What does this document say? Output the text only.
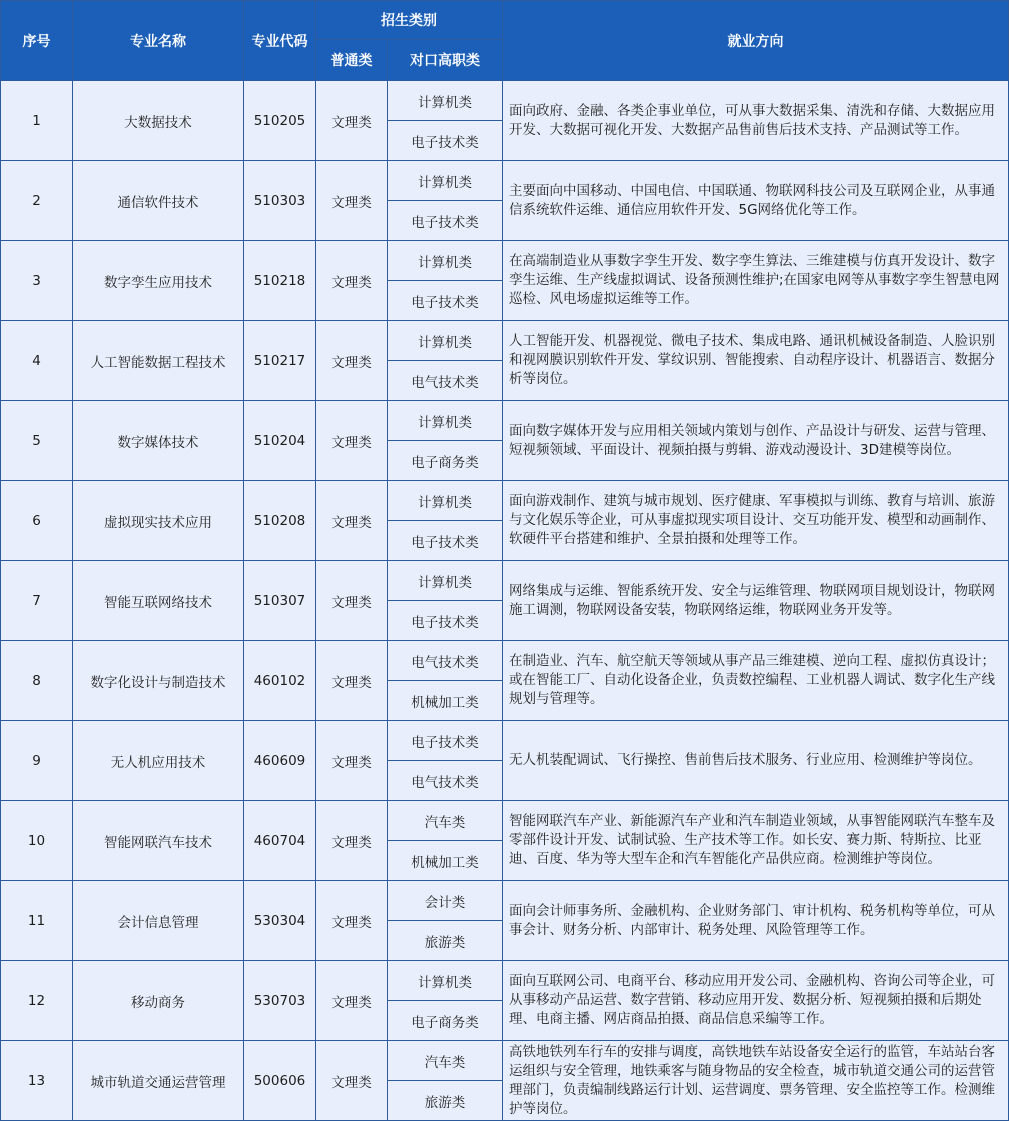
序号	专业名称	专业代码	招生类别		就业方向
			普通类	对口高职类	
1	大数据技术	510205	文理类	计算机类	面向政府、金融、各类企事业单位，可从事大数据采集、清洗和存储、大数据应用开发、大数据可视化开发、大数据产品售前售后技术支持、产品测试等工作。
				电子技术类	
2	通信软件技术	510303	文理类	计算机类	主要面向中国移动、中国电信、中国联通、物联网科技公司及互联网企业，从事通信系统软件运维、通信应用软件开发、5G网络优化等工作。
				电子技术类	
3	数字孪生应用技术	510218	文理类	计算机类	在高端制造业从事数字孪生开发、数字孪生算法、三维建模与仿真开发设计、数字孪生运维、生产线虚拟调试、设备预测性维护;在国家电网等从事数字孪生智慧电网巡检、风电场虚拟运维等工作。
				电子技术类	
4	人工智能数据工程技术	510217	文理类	计算机类	人工智能开发、机器视觉、微电子技术、集成电路、通讯机械设备制造、人脸识别和视网膜识别软件开发、掌纹识别、智能搜索、自动程序设计、机器语言、数据分析等岗位。
				电气技术类	
5	数字媒体技术	510204	文理类	计算机类	面向数字媒体开发与应用相关领域内策划与创作、产品设计与研发、运营与管理、短视频领域、平面设计、视频拍摄与剪辑、游戏动漫设计、3D建模等岗位。
				电子商务类	
6	虚拟现实技术应用	510208	文理类	计算机类	面向游戏制作、建筑与城市规划、医疗健康、军事模拟与训练、教育与培训、旅游与文化娱乐等企业，可从事虚拟现实项目设计、交互功能开发、模型和动画制作、软硬件平台搭建和维护、全景拍摄和处理等工作。
				电子技术类	
7	智能互联网络技术	510307	文理类	计算机类	网络集成与运维、智能系统开发、安全与运维管理、物联网项目规划设计，物联网施工调测，物联网设备安装，物联网络运维，物联网业务开发等。
				电子技术类	
8	数字化设计与制造技术	460102	文理类	电气技术类	在制造业、汽车、航空航天等领域从事产品三维建模、逆向工程、虚拟仿真设计；或在智能工厂、自动化设备企业，负责数控编程、工业机器人调试、数字化生产线规划与管理等。
				机械加工类	
9	无人机应用技术	460609	文理类	电子技术类	无人机装配调试、飞行操控、售前售后技术服务、行业应用、检测维护等岗位。
				电气技术类	
10	智能网联汽车技术	460704	文理类	汽车类	智能网联汽车产业、新能源汽车产业和汽车制造业领域，从事智能网联汽车整车及零部件设计开发、试制试验、生产技术等工作。如长安、赛力斯、特斯拉、比亚迪、百度、华为等大型车企和汽车智能化产品供应商。检测维护等岗位。
				机械加工类	
11	会计信息管理	530304	文理类	会计类	面向会计师事务所、金融机构、企业财务部门、审计机构、税务机构等单位，可从事会计、财务分析、内部审计、税务处理、风险管理等工作。
				旅游类	
12	移动商务	530703	文理类	计算机类	面向互联网公司、电商平台、移动应用开发公司、金融机构、咨询公司等企业，可从事移动产品运营、数字营销、移动应用开发、数据分析、短视频拍摄和后期处理、电商主播、网店商品拍摄、商品信息采编等工作。
				电子商务类	
13	城市轨道交通运营管理	500606	文理类	汽车类	高铁地铁列车行车的安排与调度，高铁地铁车站设备安全运行的监管，车站站台客运组织与安全管理，地铁乘客与随身物品的安全检查，城市轨道交通公司的运营管理部门，负责编制线路运行计划、运营调度、票务管理、安全监控等工作。检测维护等岗位。
				旅游类	
